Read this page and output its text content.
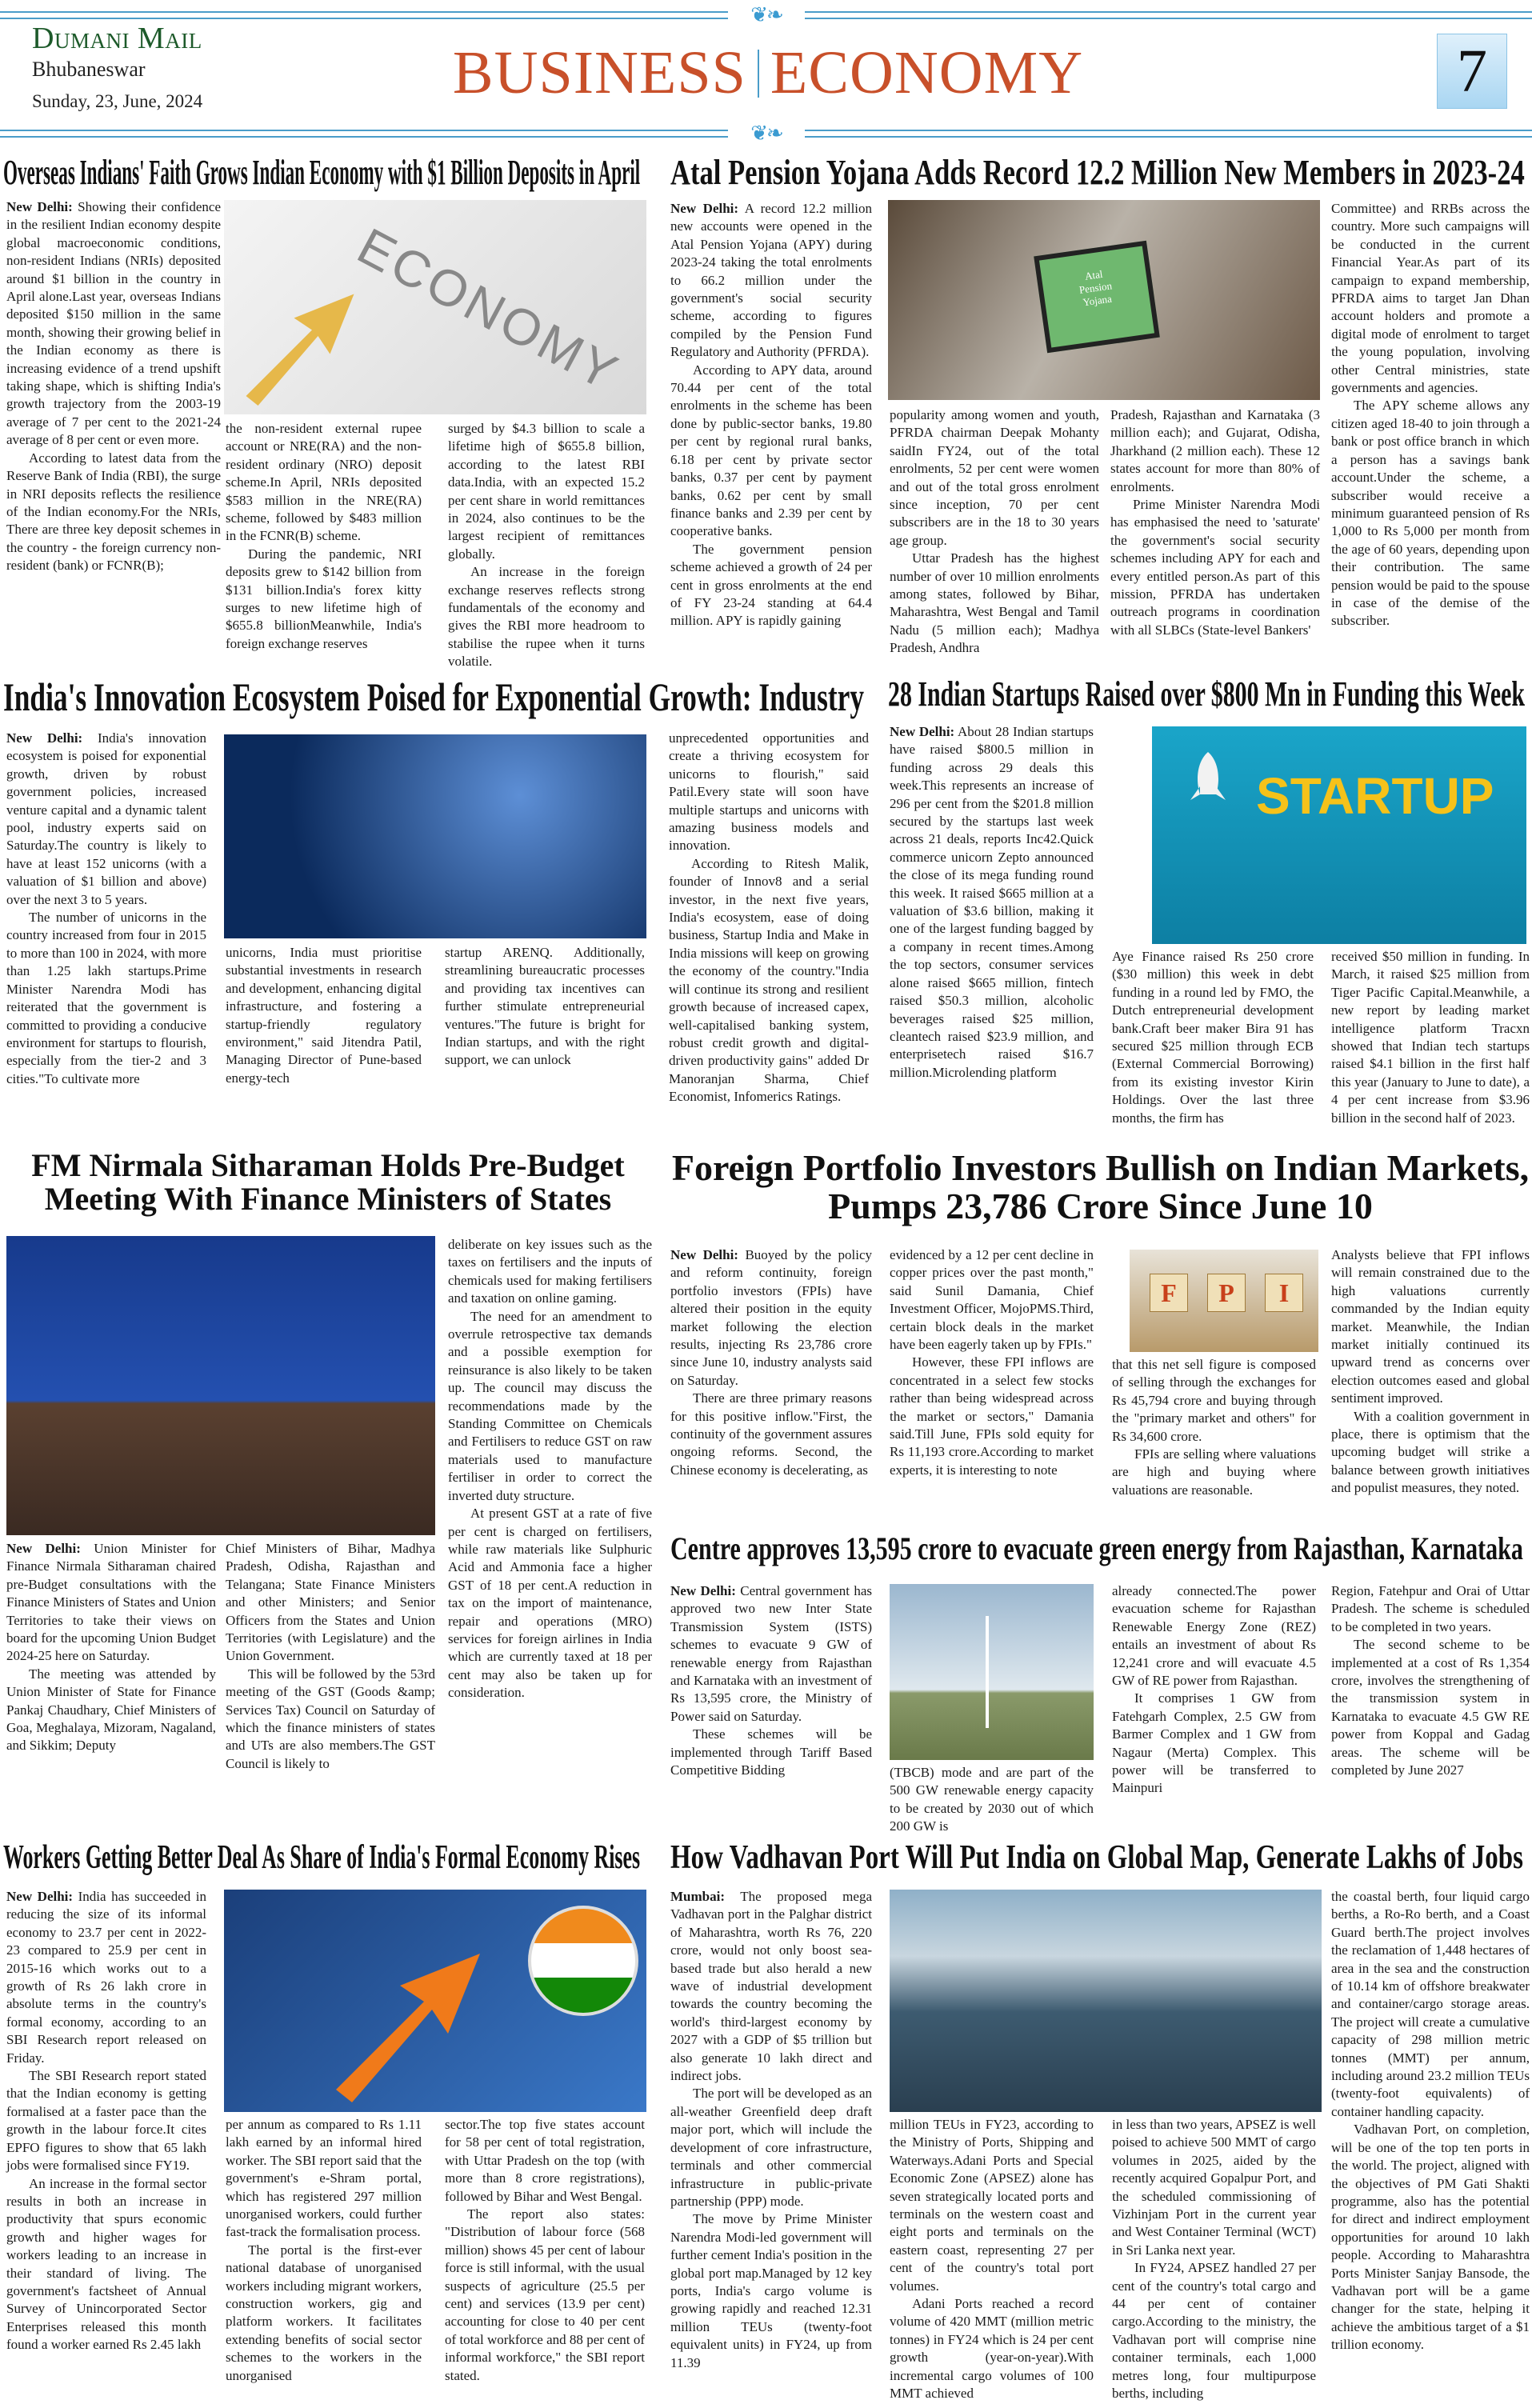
❦❧
Dumani Mail
Bhubaneswar
Sunday, 23, June, 2024	BUSINESS ECONOMY	7
❦❧
Overseas Indians' Faith Grows Indian Economy with $1 Billion Deposits in April
ECONOMY

New Delhi: Showing their confidence in the resilient Indian economy despite global macroeconomic conditions, non-resident Indians (NRIs) deposited around $1 billion in the country in April alone.Last year, overseas Indians deposited $150 million in the same month, showing their growing belief in the Indian economy as there is increasing evidence of a trend upshift taking shape, which is shifting India's growth trajectory from the 2003-19 average of 7 per cent to the 2021-24 average of 8 per cent or even more.

According to latest data from the Reserve Bank of India (RBI), the surge in NRI deposits reflects the resilience of the Indian economy.For the NRIs, There are three key deposit schemes in the country - the foreign currency non-resident (bank) or FCNR(B);

the non-resident external rupee account or NRE(RA) and the non-resident ordinary (NRO) deposit scheme.In April, NRIs deposited $583 million in the NRE(RA) scheme, followed by $483 million in the FCNR(B) scheme.

During the pandemic, NRI deposits grew to $142 billion from $131 billion.India's forex kitty surges to new lifetime high of $655.8 billionMeanwhile, India's foreign exchange reserves

surged by $4.3 billion to scale a lifetime high of $655.8 billion, according to the latest RBI data.India, with an expected 15.2 per cent share in world remittances in 2024, also continues to be the largest recipient of remittances globally.

An increase in the foreign exchange reserves reflects strong fundamentals of the economy and gives the RBI more headroom to stabilise the rupee when it turns volatile.

Atal Pension Yojana Adds Record 12.2 Million New Members in 2023-24
Atal Pension Yojana

New Delhi: A record 12.2 million new accounts were opened in the Atal Pension Yojana (APY) during 2023-24 taking the total enrolments to 66.2 million under the government's social security scheme, according to figures compiled by the Pension Fund Regulatory and Authority (PFRDA).

According to APY data, around 70.44 per cent of the total enrolments in the scheme has been done by public-sector banks, 19.80 per cent by regional rural banks, 6.18 per cent by private sector banks, 0.37 per cent by payment banks, 0.62 per cent by small finance banks and 2.39 per cent by cooperative banks.

The government pension scheme achieved a growth of 24 per cent in gross enrolments at the end of FY 23-24 standing at 64.4 million. APY is rapidly gaining

popularity among women and youth, PFRDA chairman Deepak Mohanty saidIn FY24, out of the total enrolments, 52 per cent were women and out of the total gross enrolment since inception, 70 per cent subscribers are in the 18 to 30 years age group.

Uttar Pradesh has the highest number of over 10 million enrolments among states, followed by Bihar, Maharashtra, West Bengal and Tamil Nadu (5 million each); Madhya Pradesh, Andhra

Pradesh, Rajasthan and Karnataka (3 million each); and Gujarat, Odisha, Jharkhand (2 million each). These 12 states account for more than 80% of enrolments.

Prime Minister Narendra Modi has emphasised the need to 'saturate' the government's social security schemes including APY for each and every entitled person.As part of this mission, PFRDA has undertaken outreach programs in coordination with all SLBCs (State-level Bankers'

Committee) and RRBs across the country. More such campaigns will be conducted in the current Financial Year.As part of its campaign to expand membership, PFRDA aims to target Jan Dhan account holders and promote a digital mode of enrolment to target the young population, involving other Central ministries, state governments and agencies.

The APY scheme allows any citizen aged 18-40 to join through a bank or post office branch in which a person has a savings bank account.Under the scheme, a subscriber would receive a minimum guaranteed pension of Rs 1,000 to Rs 5,000 per month from the age of 60 years, depending upon their contribution. The same pension would be paid to the spouse in case of the demise of the subscriber.

India's Innovation Ecosystem Poised for Exponential Growth: Industry

New Delhi: India's innovation ecosystem is poised for exponential growth, driven by robust government policies, increased venture capital and a dynamic talent pool, industry experts said on Saturday.The country is likely to have at least 152 unicorns (with a valuation of $1 billion and above) over the next 3 to 5 years.

The number of unicorns in the country increased from four in 2015 to more than 100 in 2024, with more than 1.25 lakh startups.Prime Minister Narendra Modi has reiterated that the government is committed to providing a conducive environment for startups to flourish, especially from the tier-2 and 3 cities."To cultivate more

unicorns, India must prioritise substantial investments in research and development, enhancing digital infrastructure, and fostering a startup-friendly regulatory environment," said Jitendra Patil, Managing Director of Pune-based energy-tech

startup ARENQ. Additionally, streamlining bureaucratic processes and providing tax incentives can further stimulate entrepreneurial ventures."The future is bright for Indian startups, and with the right support, we can unlock

unprecedented opportunities and create a thriving ecosystem for unicorns to flourish," said Patil.Every state will soon have multiple startups and unicorns with amazing business models and innovation.

According to Ritesh Malik, founder of Innov8 and a serial investor, in the next five years, India's ecosystem, ease of doing business, Startup India and Make in India missions will keep on growing the economy of the country."India will continue its strong and resilient growth because of increased capex, well-capitalised banking system, robust credit growth and digital-driven productivity gains" added Dr Manoranjan Sharma, Chief Economist, Infomerics Ratings.

28 Indian Startups Raised over $800 Mn in Funding this Week
STARTUP

New Delhi: About 28 Indian startups have raised $800.5 million in funding across 29 deals this week.This represents an increase of 296 per cent from the $201.8 million secured by the startups last week across 21 deals, reports Inc42.Quick commerce unicorn Zepto announced the close of its mega funding round this week. It raised $665 million at a valuation of $3.6 billion, making it one of the largest funding bagged by a company in recent times.Among the top sectors, consumer services alone raised $665 million, fintech raised $50.3 million, alcoholic beverages raised $25 million, cleantech raised $23.9 million, and enterprisetech raised $16.7 million.Microlending platform

Aye Finance raised Rs 250 crore ($30 million) this week in debt funding in a round led by FMO, the Dutch entrepreneurial development bank.Craft beer maker Bira 91 has secured $25 million through ECB (External Commercial Borrowing) from its existing investor Kirin Holdings. Over the last three months, the firm has

received $50 million in funding. In March, it raised $25 million from Tiger Pacific Capital.Meanwhile, a new report by leading market intelligence platform Tracxn showed that Indian tech startups raised $4.1 billion in the first half this year (January to June to date), a 4 per cent increase from $3.96 billion in the second half of 2023.

FM Nirmala Sitharaman Holds Pre-Budget Meeting With Finance Ministers of States

New Delhi: Union Minister for Finance Nirmala Sitharaman chaired pre-Budget consultations with the Finance Ministers of States and Union Territories to take their views on board for the upcoming Union Budget 2024-25 here on Saturday.

The meeting was attended by Union Minister of State for Finance Pankaj Chaudhary, Chief Ministers of Goa, Meghalaya, Mizoram, Nagaland, and Sikkim; Deputy

Chief Ministers of Bihar, Madhya Pradesh, Odisha, Rajasthan and Telangana; State Finance Ministers and other Ministers; and Senior Officers from the States and Union Territories (with Legislature) and the Union Government.

This will be followed by the 53rd meeting of the GST (Goods &amp; Services Tax) Council on Saturday of which the finance ministers of states and UTs are also members.The GST Council is likely to

deliberate on key issues such as the taxes on fertilisers and the inputs of chemicals used for making fertilisers and taxation on online gaming.

The need for an amendment to overrule retrospective tax demands and a possible exemption for reinsurance is also likely to be taken up. The council may discuss the recommendations made by the Standing Committee on Chemicals and Fertilisers to reduce GST on raw materials used to manufacture fertiliser in order to correct the inverted duty structure.

At present GST at a rate of five per cent is charged on fertilisers, while raw materials like Sulphuric Acid and Ammonia face a higher GST of 18 per cent.A reduction in tax on the import of maintenance, repair and operations (MRO) services for foreign airlines in India which are currently taxed at 18 per cent may also be taken up for consideration.

Foreign Portfolio Investors Bullish on Indian Markets, Pumps 23,786 Crore Since June 10
F	P	I

New Delhi: Buoyed by the policy and reform continuity, foreign portfolio investors (FPIs) have altered their position in the equity market following the election results, injecting Rs 23,786 crore since June 10, industry analysts said on Saturday.

There are three primary reasons for this positive inflow."First, the continuity of the government assures ongoing reforms. Second, the Chinese economy is decelerating, as

evidenced by a 12 per cent decline in copper prices over the past month," said Sunil Damania, Chief Investment Officer, MojoPMS.Third, certain block deals in the market have been eagerly taken up by FPIs."

However, these FPI inflows are concentrated in a select few stocks rather than being widespread across the market or sectors," Damania said.Till June, FPIs sold equity for Rs 11,193 crore.According to market experts, it is interesting to note

that this net sell figure is composed of selling through the exchanges for Rs 45,794 crore and buying through the "primary market and others" for Rs 34,600 crore.

FPIs are selling where valuations are high and buying where valuations are reasonable.

Analysts believe that FPI inflows will remain constrained due to the high valuations currently commanded by the Indian equity market. Meanwhile, the Indian market initially continued its upward trend as concerns over election outcomes eased and global sentiment improved.

With a coalition government in place, there is optimism that the upcoming budget will strike a balance between growth initiatives and populist measures, they noted.

Centre approves 13,595 crore to evacuate green energy from Rajasthan, Karnataka

New Delhi: Central government has approved two new Inter State Transmission System (ISTS) schemes to evacuate 9 GW of renewable energy from Rajasthan and Karnataka with an investment of Rs 13,595 crore, the Ministry of Power said on Saturday.

These schemes will be implemented through Tariff Based Competitive Bidding	(TBCB) mode and are part of the 500 GW renewable energy capacity to be created by 2030 out of which 200 GW is

already connected.The power evacuation scheme for Rajasthan Renewable Energy Zone (REZ) entails an investment of about Rs 12,241 crore and will evacuate 4.5 GW of RE power from Rajasthan.

It comprises 1 GW from Fatehgarh Complex, 2.5 GW from Barmer Complex and 1 GW from Nagaur (Merta) Complex. This power will be transferred to Mainpuri

Region, Fatehpur and Orai of Uttar Pradesh. The scheme is scheduled to be completed in two years.

The second scheme to be implemented at a cost of Rs 1,354 crore, involves the strengthening of the transmission system in Karnataka to evacuate 4.5 GW RE power from Koppal and Gadag areas. The scheme will be completed by June 2027

Workers Getting Better Deal As Share of India's Formal Economy Rises

New Delhi: India has succeeded in reducing the size of its informal economy to 23.7 per cent in 2022-23 compared to 25.9 per cent in 2015-16 which works out to a growth of Rs 26 lakh crore in absolute terms in the country's formal economy, according to an SBI Research report released on Friday.

The SBI Research report stated that the Indian economy is getting formalised at a faster pace than the growth in the labour force.It cites EPFO figures to show that 65 lakh jobs were formalised since FY19.

An increase in the formal sector results in both an increase in productivity that spurs economic growth and higher wages for workers leading to an increase in their standard of living. The government's factsheet of Annual Survey of Unincorporated Sector Enterprises released this month found a worker earned Rs 2.45 lakh

per annum as compared to Rs 1.11 lakh earned by an informal hired worker. The SBI report said that the government's e-Shram portal, which has registered 297 million unorganised workers, could further fast-track the formalisation process.

The portal is the first-ever national database of unorganised workers including migrant workers, construction workers, gig and platform workers. It facilitates extending benefits of social sector schemes to the workers in the unorganised

sector.The top five states account for 58 per cent of total registration, with Uttar Pradesh on the top (with more than 8 crore registrations), followed by Bihar and West Bengal.

The report also states: "Distribution of labour force (568 million) shows 45 per cent of labour force is still informal, with the usual suspects of agriculture (25.5 per cent) and services (13.9 per cent) accounting for close to 40 per cent of total workforce and 88 per cent of informal workforce," the SBI report stated.

How Vadhavan Port Will Put India on Global Map, Generate Lakhs of Jobs

Mumbai: The proposed mega Vadhavan port in the Palghar district of Maharashtra, worth Rs 76, 220 crore, would not only boost sea-based trade but also herald a new wave of industrial development towards the country becoming the world's third-largest economy by 2027 with a GDP of $5 trillion but also generate 10 lakh direct and indirect jobs.

The port will be developed as an all-weather Greenfield deep draft major port, which will include the development of core infrastructure, terminals and other commercial infrastructure in public-private partnership (PPP) mode.

The move by Prime Minister Narendra Modi-led government will further cement India's position in the global port map.Managed by 12 key ports, India's cargo volume is growing rapidly and reached 12.31 million TEUs (twenty-foot equivalent units) in FY24, up from 11.39

million TEUs in FY23, according to the Ministry of Ports, Shipping and Waterways.Adani Ports and Special Economic Zone (APSEZ) alone has seven strategically located ports and terminals on the western coast and eight ports and terminals on the eastern coast, representing 27 per cent of the country's total port volumes.

Adani Ports reached a record volume of 420 MMT (million metric tonnes) in FY24 which is 24 per cent growth (year-on-year).With incremental cargo volumes of 100 MMT achieved

in less than two years, APSEZ is well poised to achieve 500 MMT of cargo volumes in 2025, aided by the recently acquired Gopalpur Port, and the scheduled commissioning of Vizhinjam Port in the current year and West Container Terminal (WCT) in Sri Lanka next year.

In FY24, APSEZ handled 27 per cent of the country's total cargo and 44 per cent of container cargo.According to the ministry, the Vadhavan port will comprise nine container terminals, each 1,000 metres long, four multipurpose berths, including

the coastal berth, four liquid cargo berths, a Ro-Ro berth, and a Coast Guard berth.The project involves the reclamation of 1,448 hectares of area in the sea and the construction of 10.14 km of offshore breakwater and container/cargo storage areas. The project will create a cumulative capacity of 298 million metric tonnes (MMT) per annum, including around 23.2 million TEUs (twenty-foot equivalents) of container handling capacity.

Vadhavan Port, on completion, will be one of the top ten ports in the world. The project, aligned with the objectives of PM Gati Shakti programme, also has the potential for direct and indirect employment opportunities for around 10 lakh people. According to Maharashtra Ports Minister Sanjay Bansode, the Vadhavan port will be a game changer for the state, helping it achieve the ambitious target of a $1 trillion economy.
